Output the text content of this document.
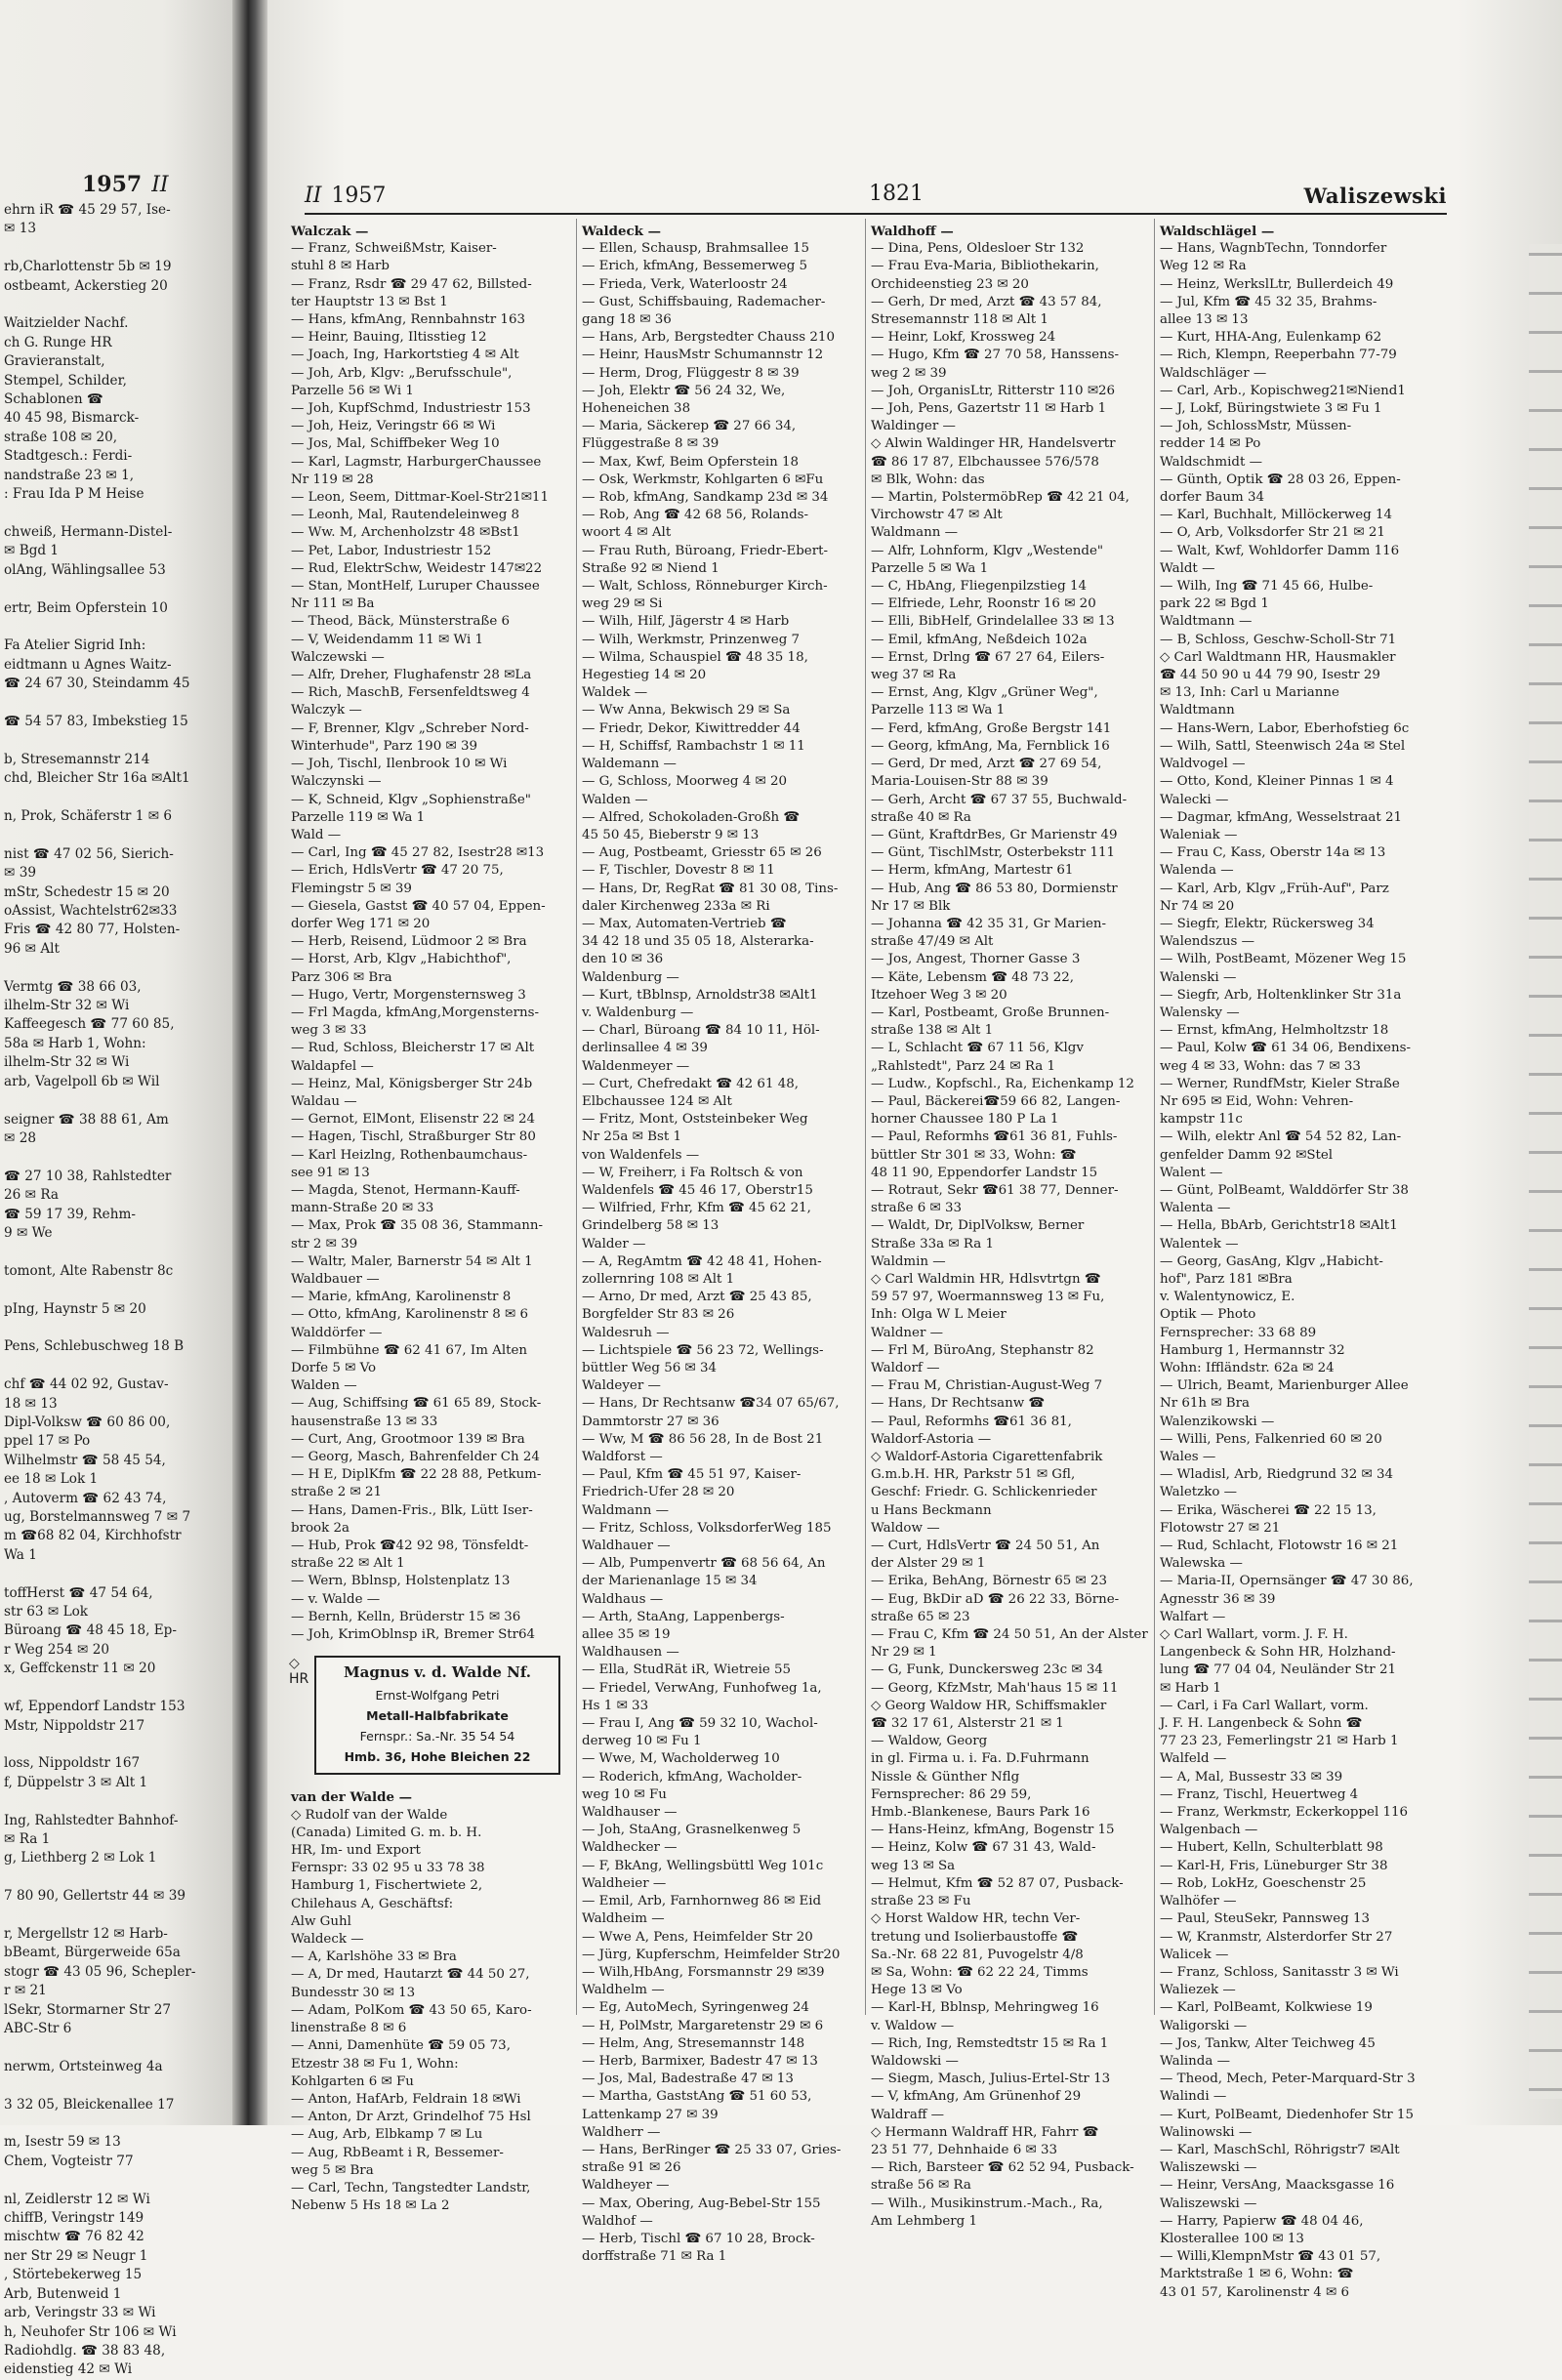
1957 II
ehrn iR ☎ 45 29 57, Ise-
✉ 13

rb,Charlottenstr 5b ✉ 19
ostbeamt, Ackerstieg 20

Waitzielder Nachf.
ch G. Runge HR
Gravieranstalt,
Stempel, Schilder,
Schablonen ☎
40 45 98, Bismarck-
straße 108 ✉ 20,
Stadtgesch.: Ferdi-
nandstraße 23 ✉ 1,
: Frau Ida P M Heise

chweiß, Hermann-Distel-
✉ Bgd 1
olAng, Wählingsallee 53

ertr, Beim Opferstein 10

Fa Atelier Sigrid Inh:
eidtmann u Agnes Waitz-
☎ 24 67 30, Steindamm 45

☎ 54 57 83, Imbekstieg 15

b, Stresemannstr 214
chd, Bleicher Str 16a ✉Alt1

n, Prok, Schäferstr 1 ✉ 6

nist ☎ 47 02 56, Sierich-
✉ 39
mStr, Schedestr 15 ✉ 20
oAssist, Wachtelstr62✉33
Fris ☎ 42 80 77, Holsten-
96 ✉ Alt

Vermtg ☎ 38 66 03,
ilhelm-Str 32 ✉ Wi
Kaffeegesch ☎ 77 60 85,
58a ✉ Harb 1, Wohn:
ilhelm-Str 32 ✉ Wi
arb, Vagelpoll 6b ✉ Wil

seigner ☎ 38 88 61, Am
✉ 28

☎ 27 10 38, Rahlstedter
26 ✉ Ra
☎ 59 17 39, Rehm-
9 ✉ We

tomont, Alte Rabenstr 8c

pIng, Haynstr 5 ✉ 20

Pens, Schlebuschweg 18 B

chf ☎ 44 02 92, Gustav-
18 ✉ 13
Dipl-Volksw ☎ 60 86 00,
ppel 17 ✉ Po
Wilhelmstr ☎ 58 45 54,
ee 18 ✉ Lok 1
, Autoverm ☎ 62 43 74,
ug, Borstelmannsweg 7 ✉ 7
m ☎68 82 04, Kirchhofstr
Wa 1

toffHerst ☎ 47 54 64,
str 63 ✉ Lok
Büroang ☎ 48 45 18, Ep-
r Weg 254 ✉ 20
x, Geffckenstr 11 ✉ 20

wf, Eppendorf Landstr 153
Mstr, Nippoldstr 217

loss, Nippoldstr 167
f, Düppelstr 3 ✉ Alt 1

Ing, Rahlstedter Bahnhof-
✉ Ra 1
g, Liethberg 2 ✉ Lok 1

7 80 90, Gellertstr 44 ✉ 39

r, Mergellstr 12 ✉ Harb-
bBeamt, Bürgerweide 65a
stogr ☎ 43 05 96, Schepler-
r ✉ 21
lSekr, Stormarner Str 27
ABC-Str 6

nerwm, Ortsteinweg 4a

3 32 05, Bleickenallee 17

m, Isestr 59 ✉ 13
Chem, Vogteistr 77

nl, Zeidlerstr 12 ✉ Wi
chiffB, Veringstr 149
mischtw ☎ 76 82 42
ner Str 29 ✉ Neugr 1
, Störtebekerweg 15
Arb, Butenweid 1
arb, Veringstr 33 ✉ Wi
h, Neuhofer Str 106 ✉ Wi
Radiohdlg. ☎ 38 83 48,
eidenstieg 42 ✉ Wi
II 1957	1821	Waliszewski
Walczak —
— Franz, SchweißMstr, Kaiser-
stuhl 8 ✉ Harb
— Franz, Rsdr ☎ 29 47 62, Billsted-
ter Hauptstr 13 ✉ Bst 1
— Hans, kfmAng, Rennbahnstr 163
— Heinr, Bauing, Iltisstieg 12
— Joach, Ing, Harkortstieg 4 ✉ Alt
— Joh, Arb, Klgv: „Berufsschule",
Parzelle 56 ✉ Wi 1
— Joh, KupfSchmd, Industriestr 153
— Joh, Heiz, Veringstr 66 ✉ Wi
— Jos, Mal, Schiffbeker Weg 10
— Karl, Lagmstr, HarburgerChaussee
Nr 119 ✉ 28
— Leon, Seem, Dittmar-Koel-Str21✉11
— Leonh, Mal, Rautendeleinweg 8
— Ww. M, Archenholzstr 48 ✉Bst1
— Pet, Labor, Industriestr 152
— Rud, ElektrSchw, Weidestr 147✉22
— Stan, MontHelf, Luruper Chaussee
Nr 111 ✉ Ba
— Theod, Bäck, Münsterstraße 6
— V, Weidendamm 11 ✉ Wi 1
Walczewski —
— Alfr, Dreher, Flughafenstr 28 ✉La
— Rich, MaschB, Fersenfeldtsweg 4
Walczyk —
— F, Brenner, Klgv „Schreber Nord-
Winterhude", Parz 190 ✉ 39
— Joh, Tischl, Ilenbrook 10 ✉ Wi
Walczynski —
— K, Schneid, Klgv „Sophienstraße"
Parzelle 119 ✉ Wa 1
Wald —
— Carl, Ing ☎ 45 27 82, Isestr28 ✉13
— Erich, HdlsVertr ☎ 47 20 75,
Flemingstr 5 ✉ 39
— Giesela, Gastst ☎ 40 57 04, Eppen-
dorfer Weg 171 ✉ 20
— Herb, Reisend, Lüdmoor 2 ✉ Bra
— Horst, Arb, Klgv „Habichthof",
Parz 306 ✉ Bra
— Hugo, Vertr, Morgensternsweg 3
— Frl Magda, kfmAng,Morgensterns-
weg 3 ✉ 33
— Rud, Schloss, Bleicherstr 17 ✉ Alt
Waldapfel —
— Heinz, Mal, Königsberger Str 24b
Waldau —
— Gernot, ElMont, Elisenstr 22 ✉ 24
— Hagen, Tischl, Straßburger Str 80
— Karl Heizlng, Rothenbaumchaus-
see 91 ✉ 13
— Magda, Stenot, Hermann-Kauff-
mann-Straße 20 ✉ 33
— Max, Prok ☎ 35 08 36, Stammann-
str 2 ✉ 39
— Waltr, Maler, Barnerstr 54 ✉ Alt 1
Waldbauer —
— Marie, kfmAng, Karolinenstr 8
— Otto, kfmAng, Karolinenstr 8 ✉ 6
Walddörfer —
— Filmbühne ☎ 62 41 67, Im Alten
Dorfe 5 ✉ Vo
Walden —
— Aug, Schiffsing ☎ 61 65 89, Stock-
hausenstraße 13 ✉ 33
— Curt, Ang, Grootmoor 139 ✉ Bra
— Georg, Masch, Bahrenfelder Ch 24
— H E, DiplKfm ☎ 22 28 88, Petkum-
straße 2 ✉ 21
— Hans, Damen-Fris., Blk, Lütt Iser-
brook 2a
— Hub, Prok ☎42 92 98, Tönsfeldt-
straße 22 ✉ Alt 1
— Wern, Bblnsp, Holstenplatz 13
— v. Walde —
— Bernh, Kelln, Brüderstr 15 ✉ 36
— Joh, KrimOblnsp iR, Bremer Str64
◇
HR	Magnus v. d. Walde Nf.
Ernst-Wolfgang Petri
Metall-Halbfabrikate
Fernspr.: Sa.-Nr. 35 54 54
Hmb. 36, Hohe Bleichen 22
van der Walde —
◇ Rudolf van der Walde
(Canada) Limited G. m. b. H.
HR, Im- und Export
Fernspr: 33 02 95 u 33 78 38
Hamburg 1, Fischertwiete 2,
Chilehaus A, Geschäftsf:
Alw Guhl
Waldeck —
— A, Karlshöhe 33 ✉ Bra
— A, Dr med, Hautarzt ☎ 44 50 27,
Bundesstr 30 ✉ 13
— Adam, PolKom ☎ 43 50 65, Karo-
linenstraße 8 ✉ 6
— Anni, Damenhüte ☎ 59 05 73,
Etzestr 38 ✉ Fu 1, Wohn:
Kohlgarten 6 ✉ Fu
— Anton, HafArb, Feldrain 18 ✉Wi
— Anton, Dr Arzt, Grindelhof 75 Hsl
— Aug, Arb, Elbkamp 7 ✉ Lu
— Aug, RbBeamt i R, Bessemer-
weg 5 ✉ Bra
— Carl, Techn, Tangstedter Landstr,
Nebenw 5 Hs 18 ✉ La 2
Waldeck —
— Ellen, Schausp, Brahmsallee 15
— Erich, kfmAng, Bessemerweg 5
— Frieda, Verk, Waterloostr 24
— Gust, Schiffsbauing, Rademacher-
gang 18 ✉ 36
— Hans, Arb, Bergstedter Chauss 210
— Heinr, HausMstr Schumannstr 12
— Herm, Drog, Flüggestr 8 ✉ 39
— Joh, Elektr ☎ 56 24 32, We,
Hoheneichen 38
— Maria, Säckerep ☎ 27 66 34,
Flüggestraße 8 ✉ 39
— Max, Kwf, Beim Opferstein 18
— Osk, Werkmstr, Kohlgarten 6 ✉Fu
— Rob, kfmAng, Sandkamp 23d ✉ 34
— Rob, Ang ☎ 42 68 56, Rolands-
woort 4 ✉ Alt
— Frau Ruth, Büroang, Friedr-Ebert-
Straße 92 ✉ Niend 1
— Walt, Schloss, Rönneburger Kirch-
weg 29 ✉ Si
— Wilh, Hilf, Jägerstr 4 ✉ Harb
— Wilh, Werkmstr, Prinzenweg 7
— Wilma, Schauspiel ☎ 48 35 18,
Hegestieg 14 ✉ 20
Waldek —
— Ww Anna, Bekwisch 29 ✉ Sa
— Friedr, Dekor, Kiwittredder 44
— H, Schiffsf, Rambachstr 1 ✉ 11
Waldemann —
— G, Schloss, Moorweg 4 ✉ 20
Walden —
— Alfred, Schokoladen-Großh ☎
45 50 45, Bieberstr 9 ✉ 13
— Aug, Postbeamt, Griesstr 65 ✉ 26
— F, Tischler, Dovestr 8 ✉ 11
— Hans, Dr, RegRat ☎ 81 30 08, Tins-
daler Kirchenweg 233a ✉ Ri
— Max, Automaten-Vertrieb ☎
34 42 18 und 35 05 18, Alsterarka-
den 10 ✉ 36
Waldenburg —
— Kurt, tBblnsp, Arnoldstr38 ✉Alt1
v. Waldenburg —
— Charl, Büroang ☎ 84 10 11, Höl-
derlinsallee 4 ✉ 39
Waldenmeyer —
— Curt, Chefredakt ☎ 42 61 48,
Elbchaussee 124 ✉ Alt
— Fritz, Mont, Oststeinbeker Weg
Nr 25a ✉ Bst 1
von Waldenfels —
— W, Freiherr, i Fa Roltsch & von
Waldenfels ☎ 45 46 17, Oberstr15
— Wilfried, Frhr, Kfm ☎ 45 62 21,
Grindelberg 58 ✉ 13
Walder —
— A, RegAmtm ☎ 42 48 41, Hohen-
zollernring 108 ✉ Alt 1
— Arno, Dr med, Arzt ☎ 25 43 85,
Borgfelder Str 83 ✉ 26
Waldesruh —
— Lichtspiele ☎ 56 23 72, Wellings-
büttler Weg 56 ✉ 34
Waldeyer —
— Hans, Dr Rechtsanw ☎34 07 65/67,
Dammtorstr 27 ✉ 36
— Ww, M ☎ 86 56 28, In de Bost 21
Waldforst —
— Paul, Kfm ☎ 45 51 97, Kaiser-
Friedrich-Ufer 28 ✉ 20
Waldmann —
— Fritz, Schloss, VolksdorferWeg 185
Waldhauer —
— Alb, Pumpenvertr ☎ 68 56 64, An
der Marienanlage 15 ✉ 34
Waldhaus —
— Arth, StaAng, Lappenbergs-
allee 35 ✉ 19
Waldhausen —
— Ella, StudRät iR, Wietreie 55
— Friedel, VerwAng, Funhofweg 1a,
Hs 1 ✉ 33
— Frau I, Ang ☎ 59 32 10, Wachol-
derweg 10 ✉ Fu 1
— Wwe, M, Wacholderweg 10
— Roderich, kfmAng, Wacholder-
weg 10 ✉ Fu
Waldhauser —
— Joh, StaAng, Grasnelkenweg 5
Waldhecker —
— F, BkAng, Wellingsbüttl Weg 101c
Waldheier —
— Emil, Arb, Farnhornweg 86 ✉ Eid
Waldheim —
— Wwe A, Pens, Heimfelder Str 20
— Jürg, Kupferschm, Heimfelder Str20
— Wilh,HbAng, Forsmannstr 29 ✉39
Waldhelm —
— Eg, AutoMech, Syringenweg 24
— H, PolMstr, Margaretenstr 29 ✉ 6
— Helm, Ang, Stresemannstr 148
— Herb, Barmixer, Badestr 47 ✉ 13
— Jos, Mal, Badestraße 47 ✉ 13
— Martha, GaststAng ☎ 51 60 53,
Lattenkamp 27 ✉ 39
Waldherr —
— Hans, BerRinger ☎ 25 33 07, Gries-
straße 91 ✉ 26
Waldheyer —
— Max, Obering, Aug-Bebel-Str 155
Waldhof —
— Herb, Tischl ☎ 67 10 28, Brock-
dorffstraße 71 ✉ Ra 1
Waldhoff —
— Dina, Pens, Oldesloer Str 132
— Frau Eva-Maria, Bibliothekarin,
Orchideenstieg 23 ✉ 20
— Gerh, Dr med, Arzt ☎ 43 57 84,
Stresemannstr 118 ✉ Alt 1
— Heinr, Lokf, Krossweg 24
— Hugo, Kfm ☎ 27 70 58, Hanssens-
weg 2 ✉ 39
— Joh, OrganisLtr, Ritterstr 110 ✉26
— Joh, Pens, Gazertstr 11 ✉ Harb 1
Waldinger —
◇ Alwin Waldinger HR, Handelsvertr
☎ 86 17 87, Elbchaussee 576/578
✉ Blk, Wohn: das
— Martin, PolstermöbRep ☎ 42 21 04,
Virchowstr 47 ✉ Alt
Waldmann —
— Alfr, Lohnform, Klgv „Westende"
Parzelle 5 ✉ Wa 1
— C, HbAng, Fliegenpilzstieg 14
— Elfriede, Lehr, Roonstr 16 ✉ 20
— Elli, BibHelf, Grindelallee 33 ✉ 13
— Emil, kfmAng, Neßdeich 102a
— Ernst, Drlng ☎ 67 27 64, Eilers-
weg 37 ✉ Ra
— Ernst, Ang, Klgv „Grüner Weg",
Parzelle 113 ✉ Wa 1
— Ferd, kfmAng, Große Bergstr 141
— Georg, kfmAng, Ma, Fernblick 16
— Gerd, Dr med, Arzt ☎ 27 69 54,
Maria-Louisen-Str 88 ✉ 39
— Gerh, Archt ☎ 67 37 55, Buchwald-
straße 40 ✉ Ra
— Günt, KraftdrBes, Gr Marienstr 49
— Günt, TischlMstr, Osterbekstr 111
— Herm, kfmAng, Martestr 61
— Hub, Ang ☎ 86 53 80, Dormienstr
Nr 17 ✉ Blk
— Johanna ☎ 42 35 31, Gr Marien-
straße 47/49 ✉ Alt
— Jos, Angest, Thorner Gasse 3
— Käte, Lebensm ☎ 48 73 22,
Itzehoer Weg 3 ✉ 20
— Karl, Postbeamt, Große Brunnen-
straße 138 ✉ Alt 1
— L, Schlacht ☎ 67 11 56, Klgv
„Rahlstedt", Parz 24 ✉ Ra 1
— Ludw., Kopfschl., Ra, Eichenkamp 12
— Paul, Bäckerei☎59 66 82, Langen-
horner Chaussee 180 P La 1
— Paul, Reformhs ☎61 36 81, Fuhls-
büttler Str 301 ✉ 33, Wohn: ☎
48 11 90, Eppendorfer Landstr 15
— Rotraut, Sekr ☎61 38 77, Denner-
straße 6 ✉ 33
— Waldt, Dr, DiplVolksw, Berner
Straße 33a ✉ Ra 1
Waldmin —
◇ Carl Waldmin HR, Hdlsvtrtgn ☎
59 57 97, Woermannsweg 13 ✉ Fu,
Inh: Olga W L Meier
Waldner —
— Frl M, BüroAng, Stephanstr 82
Waldorf —
— Frau M, Christian-August-Weg 7
— Hans, Dr Rechtsanw ☎
— Paul, Reformhs ☎61 36 81,
Waldorf-Astoria —
◇ Waldorf-Astoria Cigarettenfabrik
G.m.b.H. HR, Parkstr 51 ✉ Gfl,
Geschf: Friedr. G. Schlickenrieder
u Hans Beckmann
Waldow —
— Curt, HdlsVertr ☎ 24 50 51, An
der Alster 29 ✉ 1
— Erika, BehAng, Börnestr 65 ✉ 23
— Eug, BkDir aD ☎ 26 22 33, Börne-
straße 65 ✉ 23
— Frau C, Kfm ☎ 24 50 51, An der Alster
Nr 29 ✉ 1
— G, Funk, Dunckersweg 23c ✉ 34
— Georg, KfzMstr, Mah'haus 15 ✉ 11
◇ Georg Waldow HR, Schiffsmakler
☎ 32 17 61, Alsterstr 21 ✉ 1
— Waldow, Georg
in gl. Firma u. i. Fa. D.Fuhrmann
Nissle & Günther Nflg
Fernsprecher: 86 29 59,
Hmb.-Blankenese, Baurs Park 16
— Hans-Heinz, kfmAng, Bogenstr 15
— Heinz, Kolw ☎ 67 31 43, Wald-
weg 13 ✉ Sa
— Helmut, Kfm ☎ 52 87 07, Pusback-
straße 23 ✉ Fu
◇ Horst Waldow HR, techn Ver-
tretung und Isolierbaustoffe ☎
Sa.-Nr. 68 22 81, Puvogelstr 4/8
✉ Sa, Wohn: ☎ 62 22 24, Timms
Hege 13 ✉ Vo
— Karl-H, Bblnsp, Mehringweg 16
v. Waldow —
— Rich, Ing, Remstedtstr 15 ✉ Ra 1
Waldowski —
— Siegm, Masch, Julius-Ertel-Str 13
— V, kfmAng, Am Grünenhof 29
Waldraff —
◇ Hermann Waldraff HR, Fahrr ☎
23 51 77, Dehnhaide 6 ✉ 33
— Rich, Barsteer ☎ 62 52 94, Pusback-
straße 56 ✉ Ra
— Wilh., Musikinstrum.-Mach., Ra,
Am Lehmberg 1
Waldschlägel —
— Hans, WagnbTechn, Tonndorfer
Weg 12 ✉ Ra
— Heinz, WerkslLtr, Bullerdeich 49
— Jul, Kfm ☎ 45 32 35, Brahms-
allee 13 ✉ 13
— Kurt, HHA-Ang, Eulenkamp 62
— Rich, Klempn, Reeperbahn 77-79
Waldschläger —
— Carl, Arb., Kopischweg21✉Niend1
— J, Lokf, Büringstwiete 3 ✉ Fu 1
— Joh, SchlossMstr, Müssen-
redder 14 ✉ Po
Waldschmidt —
— Günth, Optik ☎ 28 03 26, Eppen-
dorfer Baum 34
— Karl, Buchhalt, Millöckerweg 14
— O, Arb, Volksdorfer Str 21 ✉ 21
— Walt, Kwf, Wohldorfer Damm 116
Waldt —
— Wilh, Ing ☎ 71 45 66, Hulbe-
park 22 ✉ Bgd 1
Waldtmann —
— B, Schloss, Geschw-Scholl-Str 71
◇ Carl Waldtmann HR, Hausmakler
☎ 44 50 90 u 44 79 90, Isestr 29
✉ 13, Inh: Carl u Marianne
Waldtmann
— Hans-Wern, Labor, Eberhofstieg 6c
— Wilh, Sattl, Steenwisch 24a ✉ Stel
Waldvogel —
— Otto, Kond, Kleiner Pinnas 1 ✉ 4
Walecki —
— Dagmar, kfmAng, Wesselstraat 21
Waleniak —
— Frau C, Kass, Oberstr 14a ✉ 13
Walenda —
— Karl, Arb, Klgv „Früh-Auf", Parz
Nr 74 ✉ 20
— Siegfr, Elektr, Rückersweg 34
Walendszus —
— Wilh, PostBeamt, Mözener Weg 15
Walenski —
— Siegfr, Arb, Holtenklinker Str 31a
Walensky —
— Ernst, kfmAng, Helmholtzstr 18
— Paul, Kolw ☎ 61 34 06, Bendixens-
weg 4 ✉ 33, Wohn: das 7 ✉ 33
— Werner, RundfMstr, Kieler Straße
Nr 695 ✉ Eid, Wohn: Vehren-
kampstr 11c
— Wilh, elektr Anl ☎ 54 52 82, Lan-
genfelder Damm 92 ✉Stel
Walent —
— Günt, PolBeamt, Walddörfer Str 38
Walenta —
— Hella, BbArb, Gerichtstr18 ✉Alt1
Walentek —
— Georg, GasAng, Klgv „Habicht-
hof", Parz 181 ✉Bra
v. Walentynowicz, E.
Optik — Photo
Fernsprecher: 33 68 89
Hamburg 1, Hermannstr 32
Wohn: Iffländstr. 62a ✉ 24
— Ulrich, Beamt, Marienburger Allee
Nr 61h ✉ Bra
Walenzikowski —
— Willi, Pens, Falkenried 60 ✉ 20
Wales —
— Wladisl, Arb, Riedgrund 32 ✉ 34
Waletzko —
— Erika, Wäscherei ☎ 22 15 13,
Flotowstr 27 ✉ 21
— Rud, Schlacht, Flotowstr 16 ✉ 21
Walewska —
— Maria-II, Opernsänger ☎ 47 30 86,
Agnesstr 36 ✉ 39
Walfart —
◇ Carl Wallart, vorm. J. F. H.
Langenbeck & Sohn HR, Holzhand-
lung ☎ 77 04 04, Neuländer Str 21
✉ Harb 1
— Carl, i Fa Carl Wallart, vorm.
J. F. H. Langenbeck & Sohn ☎
77 23 23, Femerlingstr 21 ✉ Harb 1
Walfeld —
— A, Mal, Bussestr 33 ✉ 39
— Franz, Tischl, Heuertweg 4
— Franz, Werkmstr, Eckerkoppel 116
Walgenbach —
— Hubert, Kelln, Schulterblatt 98
— Karl-H, Fris, Lüneburger Str 38
— Rob, LokHz, Goeschenstr 25
Walhöfer —
— Paul, SteuSekr, Pannsweg 13
— W, Kranmstr, Alsterdorfer Str 27
Walicek —
— Franz, Schloss, Sanitasstr 3 ✉ Wi
Waliezek —
— Karl, PolBeamt, Kolkwiese 19
Waligorski —
— Jos, Tankw, Alter Teichweg 45
Walinda —
— Theod, Mech, Peter-Marquard-Str 3
Walindi —
— Kurt, PolBeamt, Diedenhofer Str 15
Walinowski —
— Karl, MaschSchl, Röhrigstr7 ✉Alt
Waliszewski —
— Heinr, VersAng, Maacksgasse 16
Waliszewski —
— Harry, Papierw ☎ 48 04 46,
Klosterallee 100 ✉ 13
— Willi,KlempnMstr ☎ 43 01 57,
Marktstraße 1 ✉ 6, Wohn: ☎
43 01 57, Karolinenstr 4 ✉ 6
